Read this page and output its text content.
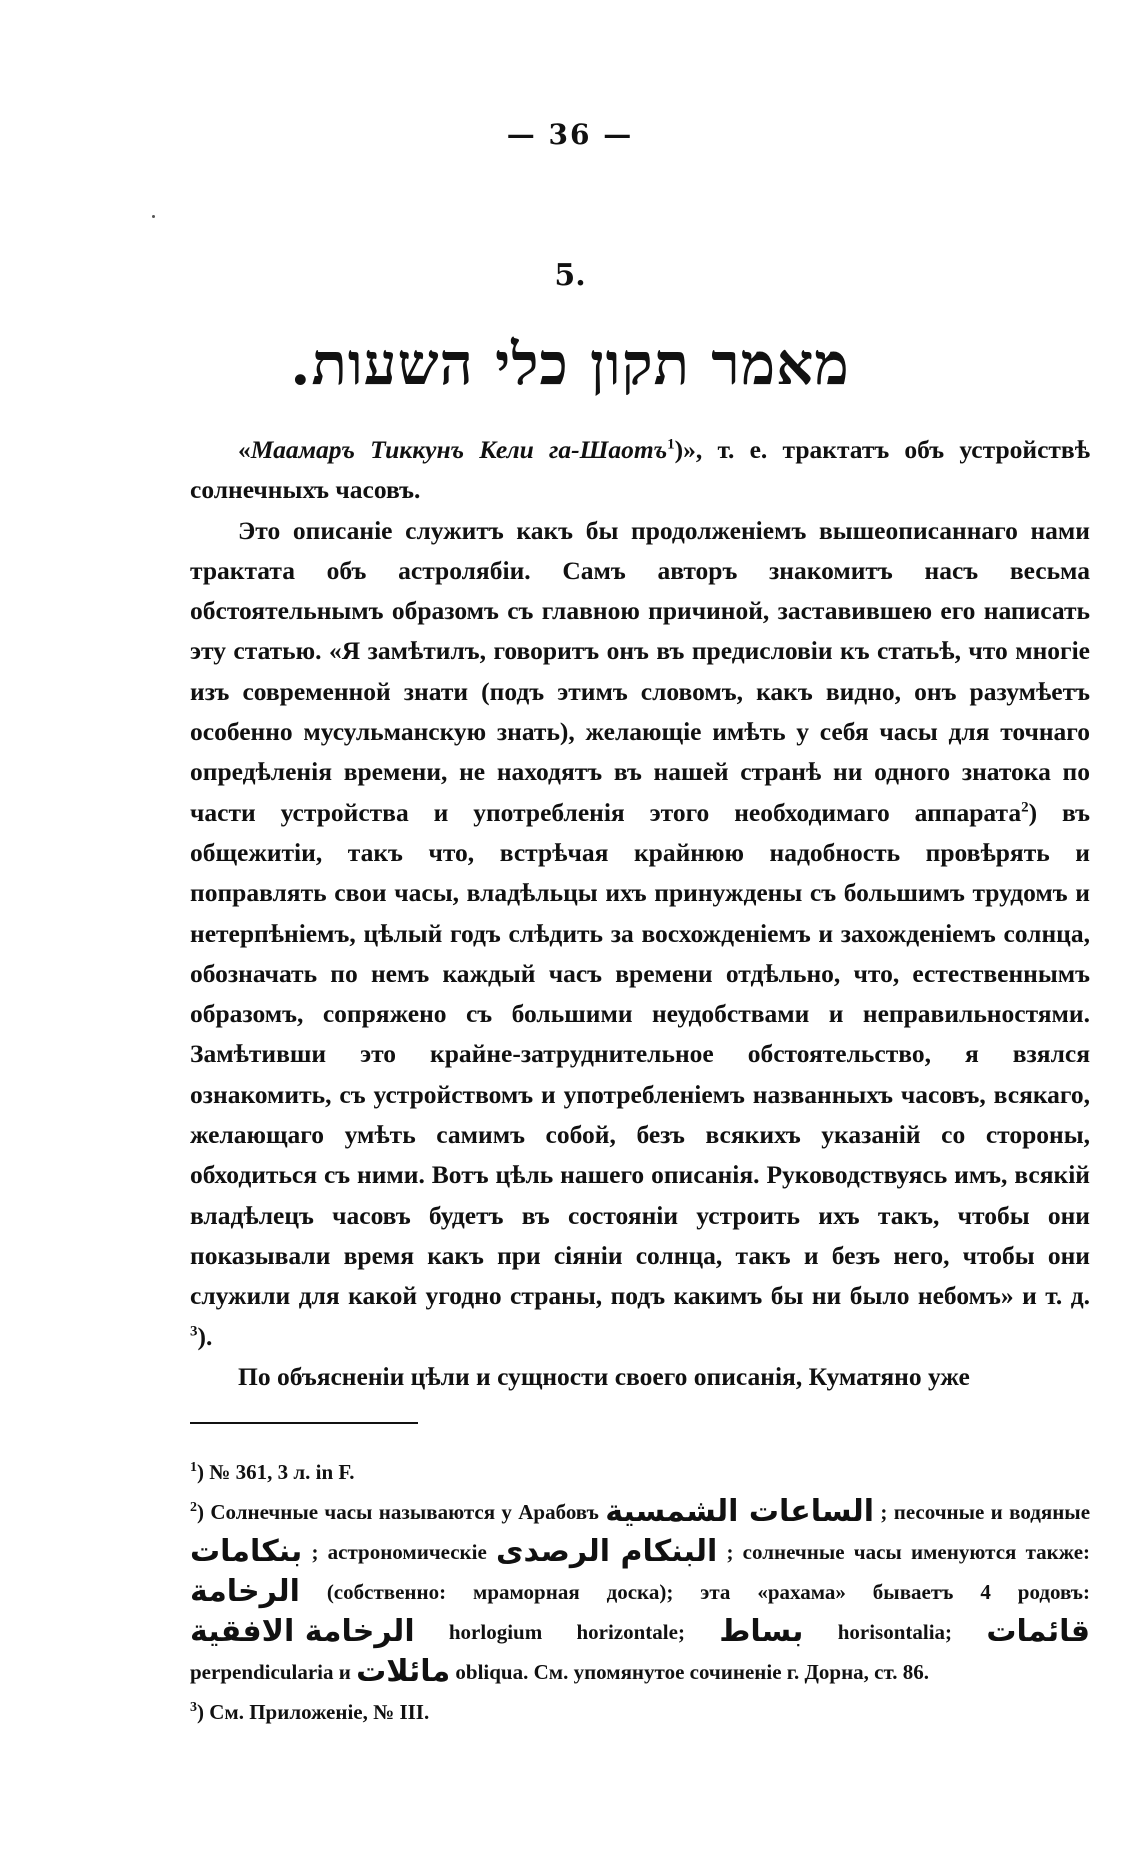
— 36 —
5.
מאמר תקון כלי השעות.

«Маамаръ Тиккунъ Кели га-Шаотъ$^1$)», т. е. трактатъ объ устройствѣ солнечныхъ часовъ.

Это описаніе служитъ какъ бы продолженіемъ вышеописаннаго нами трактата объ астролябіи. Самъ авторъ знакомитъ насъ весьма обстоятельнымъ образомъ съ главною причиной, заставившею его написать эту статью. «Я замѣтилъ, говоритъ онъ въ предисловіи къ статьѣ, что многіе изъ современной знати (подъ этимъ словомъ, какъ видно, онъ разумѣетъ особенно мусульманскую знать), желающіе имѣть у себя часы для точнаго опредѣленія времени, не находятъ въ нашей странѣ ни одного знатока по части устройства и употребленія этого необходимаго аппарата$^2$) въ общежитіи, такъ что, встрѣчая крайнюю надобность провѣрять и поправлять свои часы, владѣльцы ихъ принуждены съ большимъ трудомъ и нетерпѣніемъ, цѣлый годъ слѣдить за восхожденіемъ и захожденіемъ солнца, обозначать по немъ каждый часъ времени отдѣльно, что, естественнымъ образомъ, сопряжено съ большими неудобствами и неправильностями. Замѣтивши это крайне-затруднительное обстоятельство, я взялся ознакомить, съ устройствомъ и употребленіемъ названныхъ часовъ, всякаго, желающаго умѣть самимъ собой, безъ всякихъ указаній со стороны, обходиться съ ними. Вотъ цѣль нашего описанія. Руководствуясь имъ, всякій владѣлецъ часовъ будетъ въ состояніи устроить ихъ такъ, чтобы они показывали время какъ при сіяніи солнца, такъ и безъ него, чтобы они служили для какой угодно страны, подъ какимъ бы ни было небомъ» и т. д. $^3$).

По объясненіи цѣли и сущности своего описанія, Куматяно уже

$^1$) № 361, 3 л. in F.

$^2$) Солнечные часы называются у Арабовъ الساعات الشمسية ; песочные и водяные بنكامات ; астрономическіе البنكام الرصدى ; солнечные часы именуются также: الرخامة (собственно: мраморная доска); эта «рахама» бываетъ 4 родовъ: الرخامة الافقية horlogium horizontale; بساط horisontalia; قائمات perpendicularia и مائلات obliqua. См. упомянутое сочиненіе г. Дорна, ст. 86.

$^3$) См. Приложеніе, № III.
